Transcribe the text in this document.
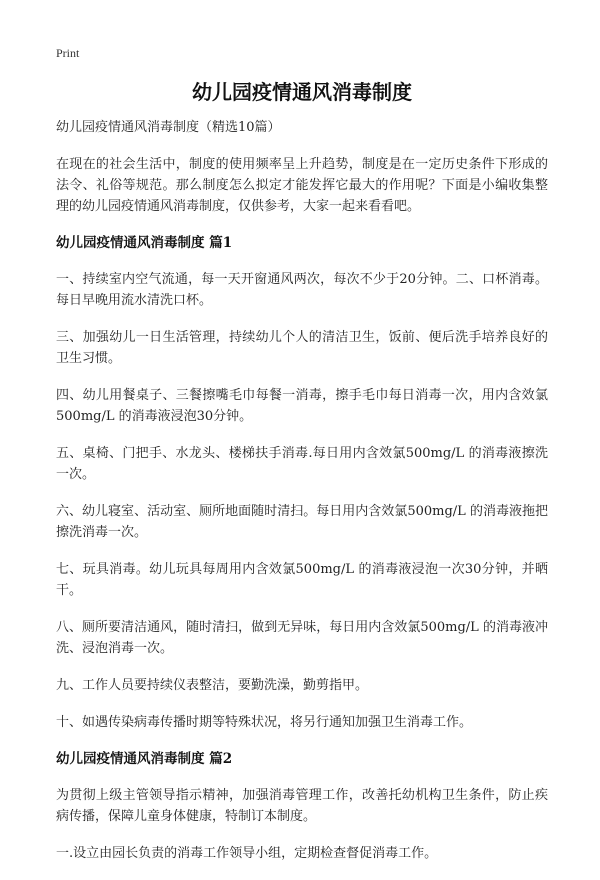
Print
幼儿园疫情通风消毒制度

幼儿园疫情通风消毒制度（精选10篇）

在现在的社会生活中，制度的使用频率呈上升趋势，制度是在一定历史条件下形成的法令、礼俗等规范。那么制度怎么拟定才能发挥它最大的作用呢？下面是小编收集整理的幼儿园疫情通风消毒制度，仅供参考，大家一起来看看吧。

幼儿园疫情通风消毒制度 篇1

一、持续室内空气流通，每一天开窗通风两次，每次不少于20分钟。二、口杯消毒。每日早晚用流水清洗口杯。

三、加强幼儿一日生活管理，持续幼儿个人的清洁卫生，饭前、便后洗手培养良好的卫生习惯。

四、幼儿用餐桌子、三餐擦嘴毛巾每餐一消毒，擦手毛巾每日消毒一次，用内含效氯500mg/L 的消毒液浸泡30分钟。

五、桌椅、门把手、水龙头、楼梯扶手消毒.每日用内含效氯500mg/L 的消毒液擦洗一次。

六、幼儿寝室、活动室、厕所地面随时清扫。每日用内含效氯500mg/L 的消毒液拖把擦洗消毒一次。

七、玩具消毒。幼儿玩具每周用内含效氯500mg/L 的消毒液浸泡一次30分钟，并晒干。

八、厕所要清洁通风，随时清扫，做到无异味，每日用内含效氯500mg/L 的消毒液冲洗、浸泡消毒一次。

九、工作人员要持续仪表整洁，要勤洗澡，勤剪指甲。

十、如遇传染病毒传播时期等特殊状况，将另行通知加强卫生消毒工作。

幼儿园疫情通风消毒制度 篇2

为贯彻上级主管领导指示精神，加强消毒管理工作，改善托幼机构卫生条件，防止疾病传播，保障儿童身体健康，特制订本制度。

一.设立由园长负责的消毒工作领导小组，定期检查督促消毒工作。
